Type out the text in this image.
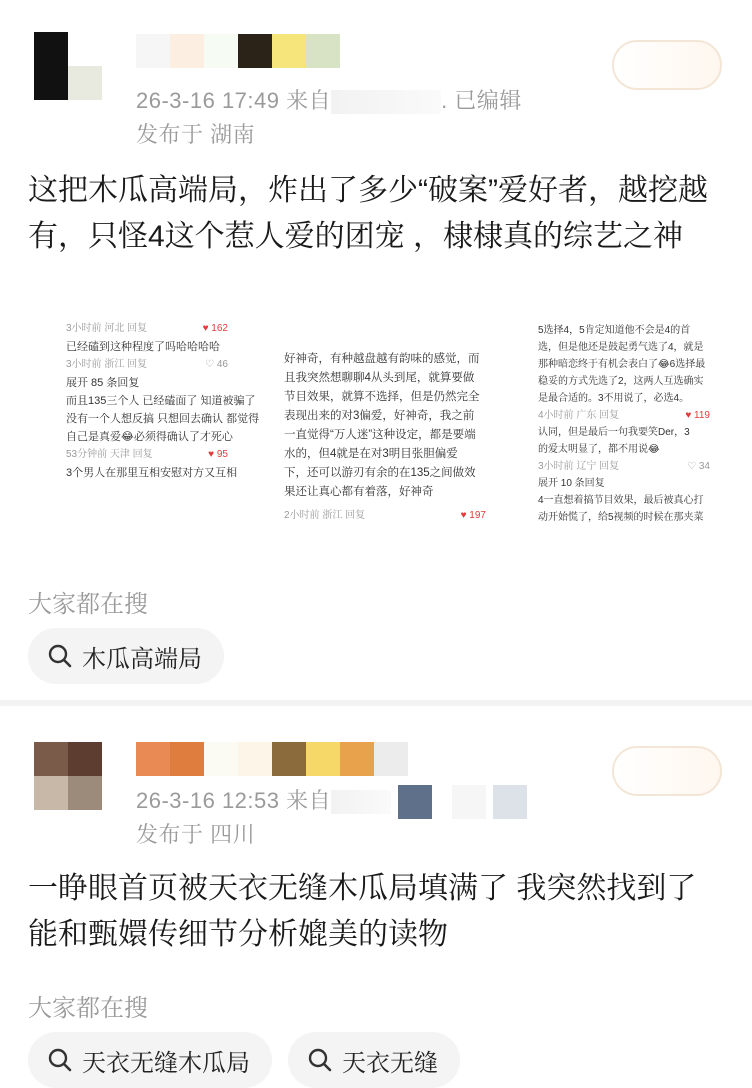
26-3-16 17:49 来自	. 已编辑
发布于 湖南
这把木瓜高端局，炸出了多少“破案”爱好者，越挖越有，只怪4这个惹人爱的团宠 ，棣棣真的综艺之神
3小时前 河北 回复	♥ 162
已经磕到这种程度了吗哈哈哈哈
3小时前 浙江 回复	♡ 46
展开 85 条回复
而且135三个人 已经磕面了 知道被骗了
没有一个人想反搞 只想回去确认 都觉得
自己是真爱😂必须得确认了才死心
53分钟前 天津 回复	♥ 95
3个男人在那里互相安慰对方又互相
好神奇，有种越盘越有韵味的感觉，而
且我突然想聊聊4从头到尾，就算要做
节目效果，就算不选择，但是仍然完全
表现出来的对3偏爱，好神奇，我之前
一直觉得“万人迷”这种设定，都是要端
水的，但4就是在对3明目张胆偏爱
下，还可以游刃有余的在135之间做效
果还让真心都有着落，好神奇
2小时前 浙江 回复	♥ 197
5选择4，5肯定知道他不会是4的首
选，但是他还是鼓起勇气选了4，就是
那种暗恋终于有机会表白了😂6选择最
稳妥的方式先选了2，这两人互选确实
是最合适的。3不用说了，必选4。
4小时前 广东 回复	♥ 119
认同，但是最后一句我要笑Der，3
的爱太明显了，都不用说😂
3小时前 辽宁 回复	♡ 34
展开 10 条回复
4一直想着搞节目效果，最后被真心打
动开始慌了，给5视频的时候在那夹菜
大家都在搜
木瓜高端局
26-3-16 12:53 来自
发布于 四川
一睁眼首页被天衣无缝木瓜局填满了 我突然找到了能和甄嬛传细节分析媲美的读物
大家都在搜
天衣无缝木瓜局	天衣无缝
